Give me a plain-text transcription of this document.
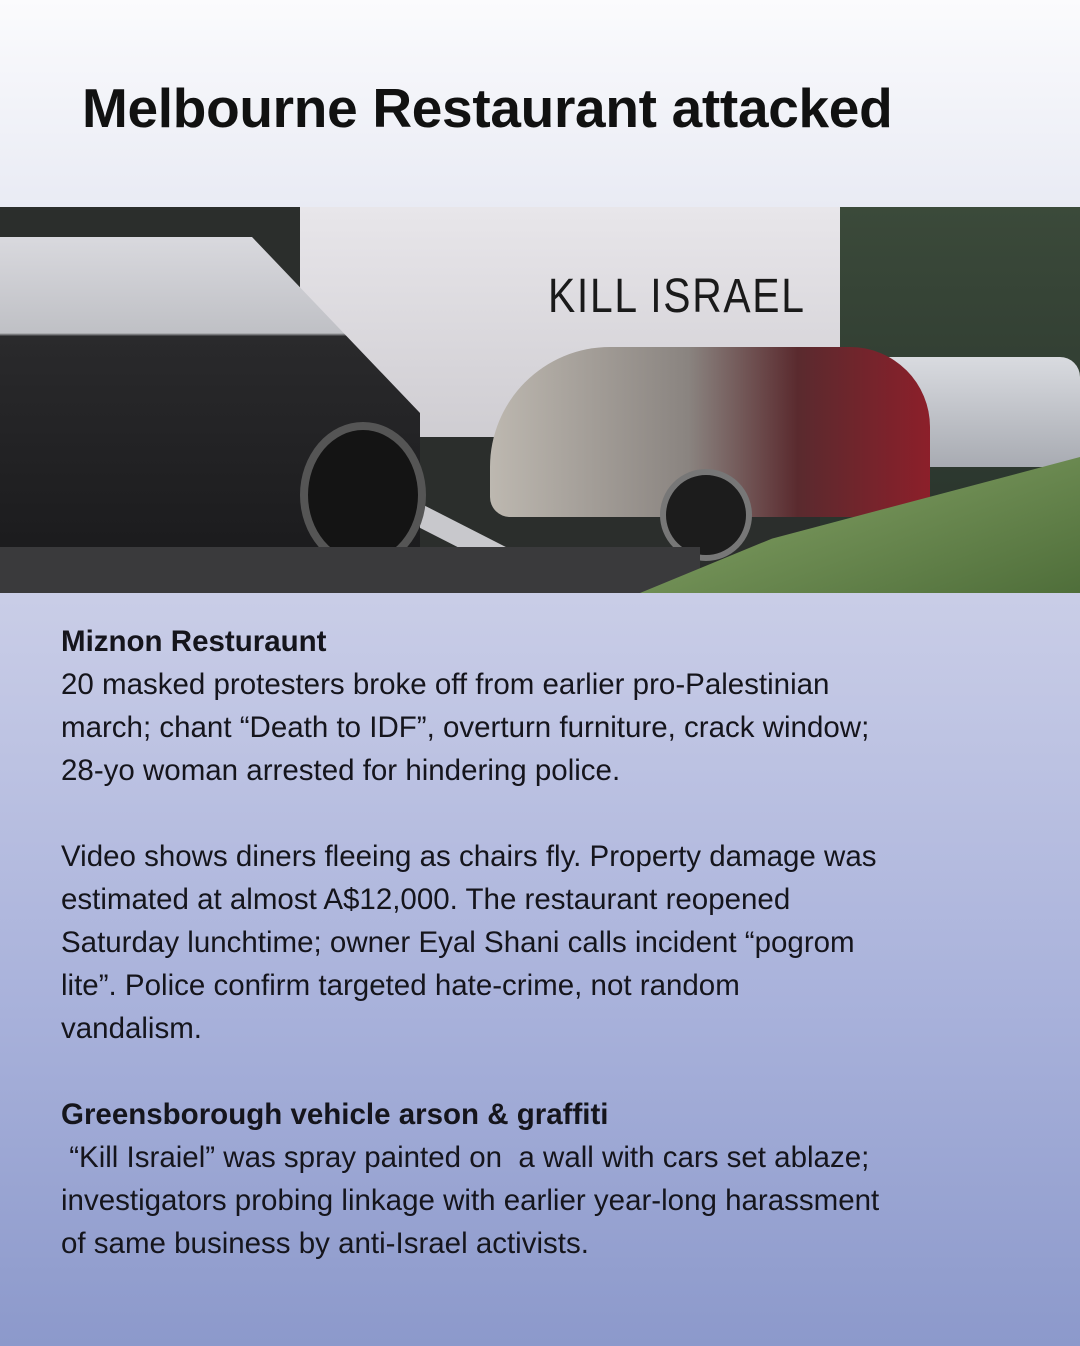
Melbourne Restaurant attacked
KILL ISRAEL
Miznon Resturaunt
20 masked protesters broke off from earlier pro-Palestinian
march; chant “Death to IDF”, overturn furniture, crack window;
28-yo woman arrested for hindering police.
Video shows diners fleeing as chairs fly. Property damage was
estimated at almost A$12,000. The restaurant reopened
Saturday lunchtime; owner Eyal Shani calls incident “pogrom
lite”. Police confirm targeted hate-crime, not random
vandalism.
Greensborough vehicle arson & graffiti
“Kill Israiel” was spray painted on  a wall with cars set ablaze;
investigators probing linkage with earlier year-long harassment
of same business by anti-Israel activists.
